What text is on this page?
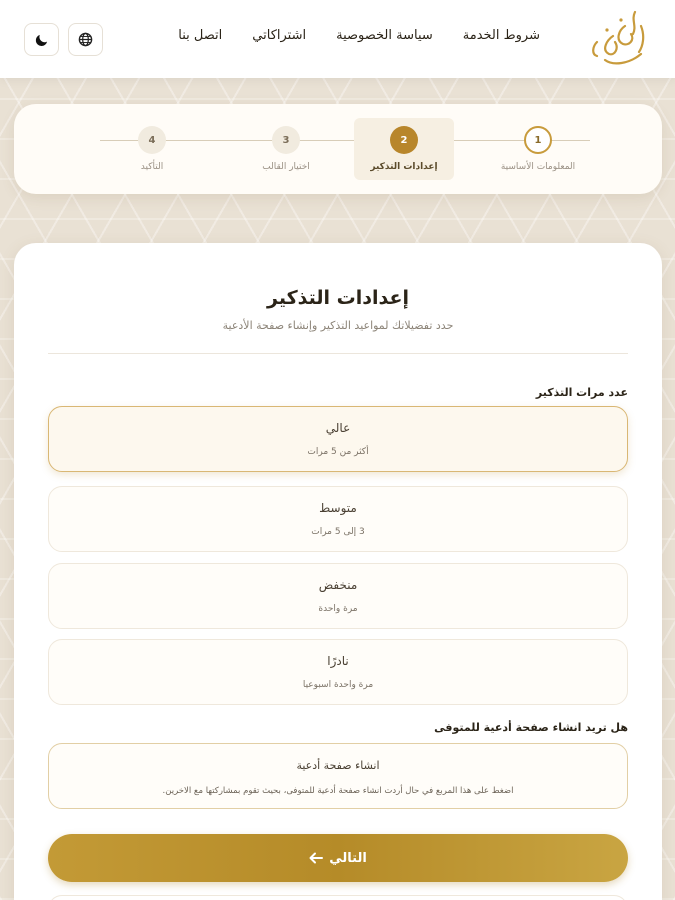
شروط الخدمة
سياسة الخصوصية
اشتراكاتي
اتصل بنا
1
المعلومات الأساسية
2
إعدادات التذكير
3
اختيار القالب
4
التأكيد
إعدادات التذكير
حدد تفضيلاتك لمواعيد التذكير وإنشاء صفحة الأدعية
عدد مرات التذكير
عالي
أكثر من 5 مرات
متوسط
3 إلى 5 مرات
منخفض
مرة واحدة
نادرًا
مرة واحدة اسبوعيا
هل تريد انشاء صفحة أدعية للمتوفى
انشاء صفحة أدعية
اضغط على هذا المربع في حال أردت انشاء صفحة أدعية للمتوفى، بحيث تقوم بمشاركتها مع الاخرين.
التالي
